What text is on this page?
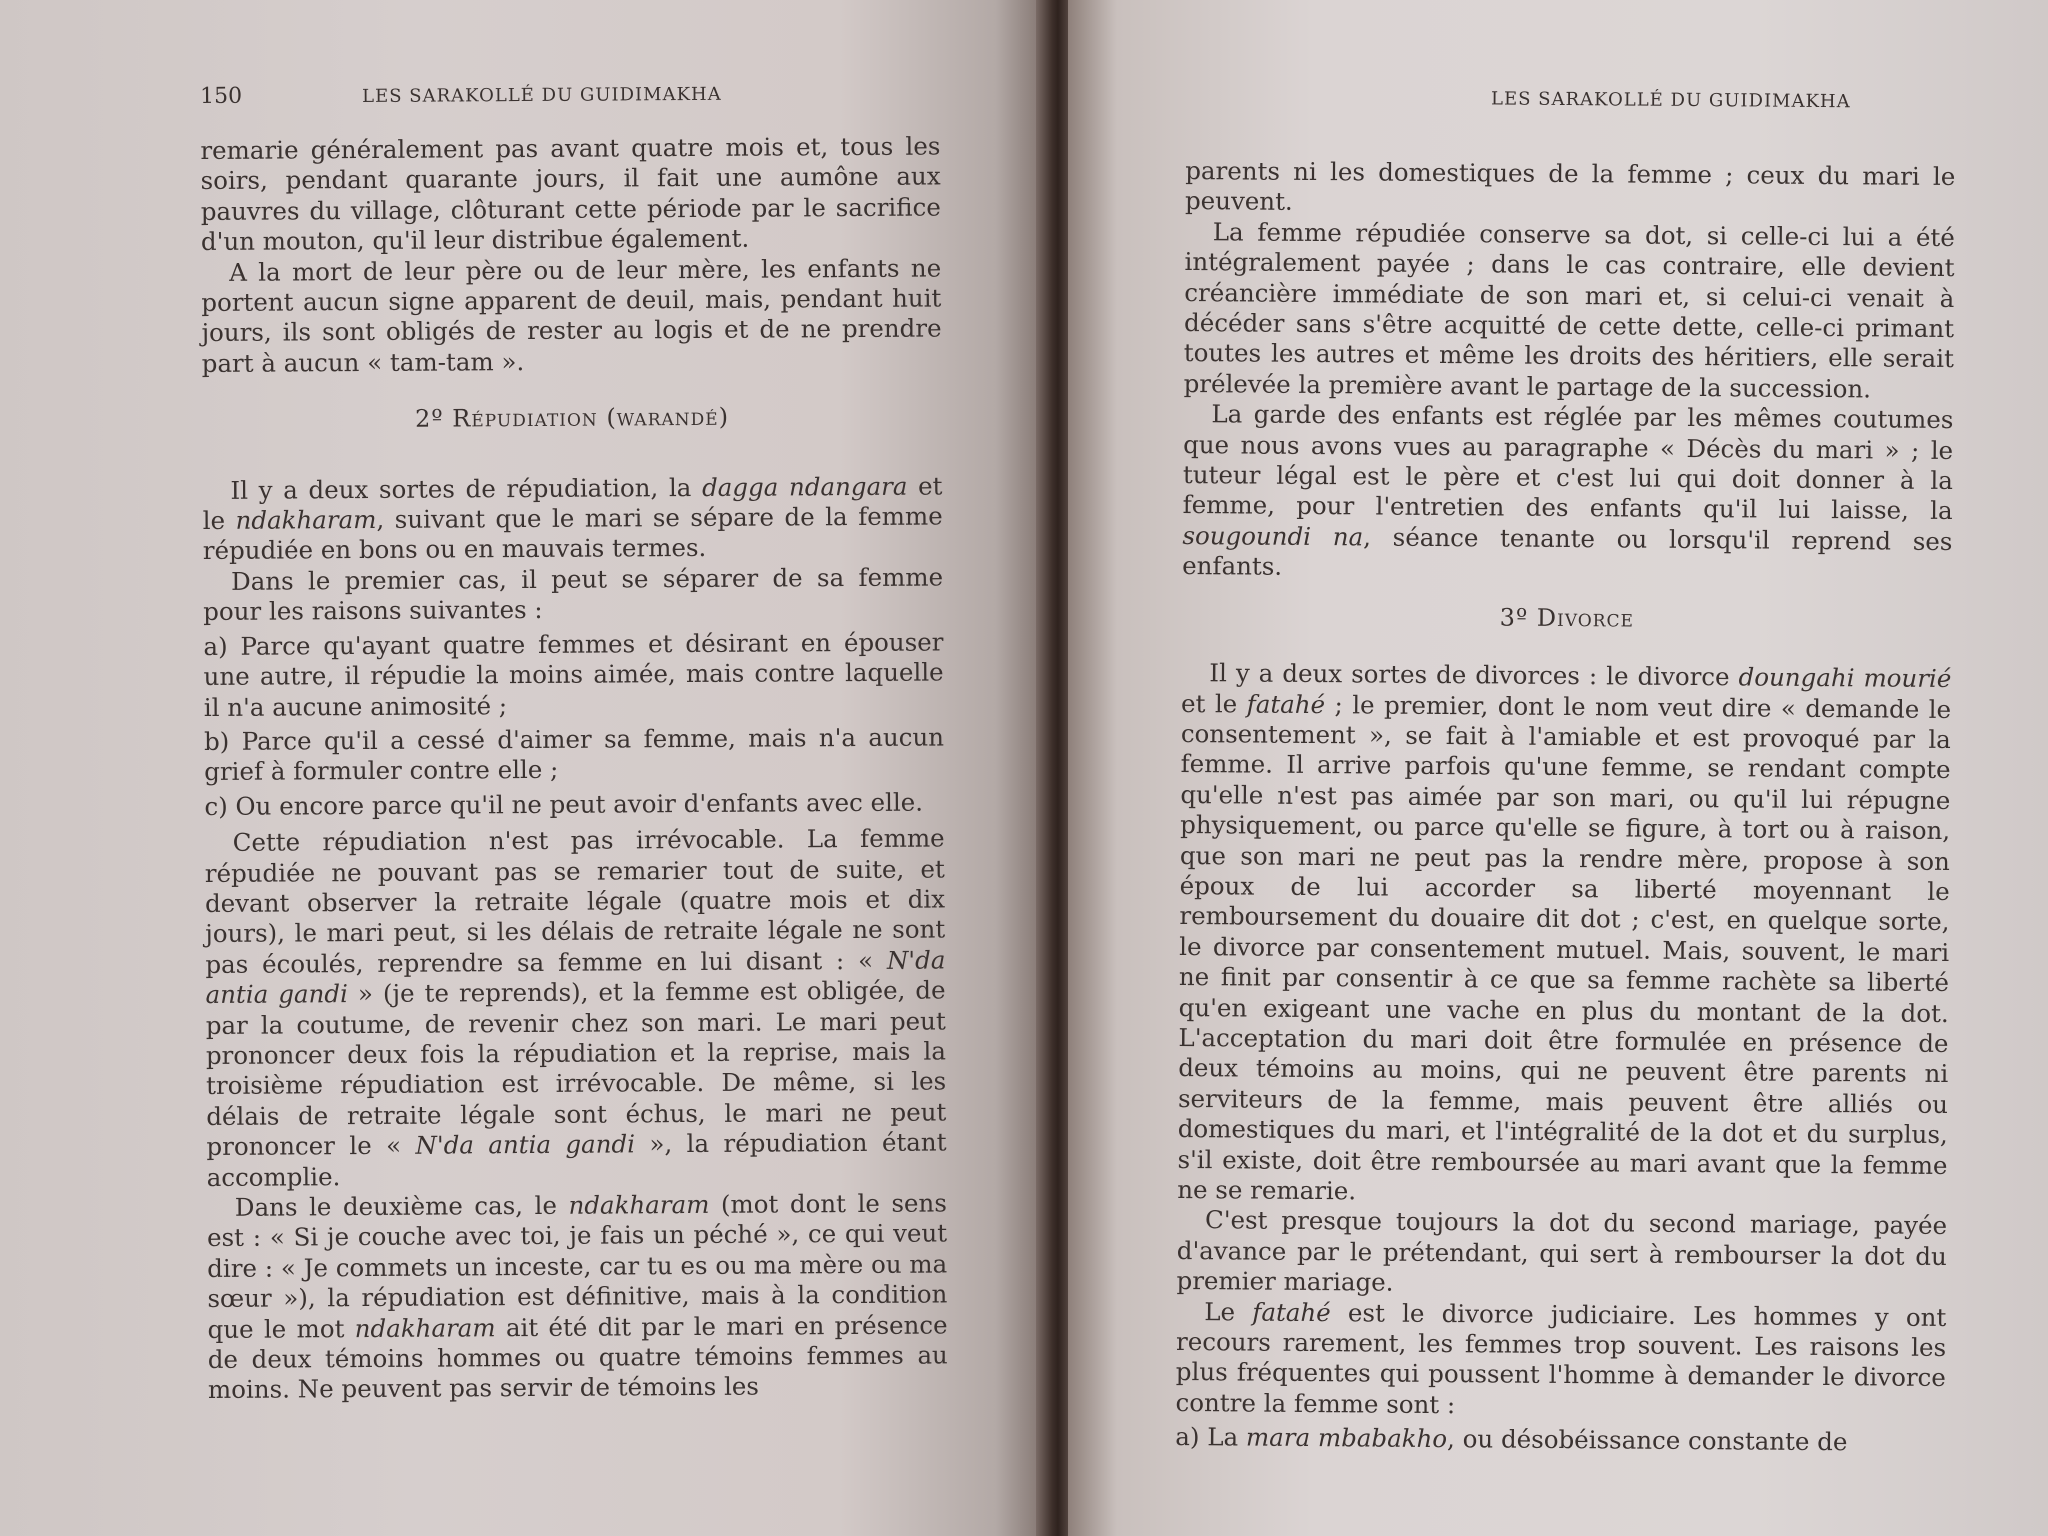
150	LES SARAKOLLÉ DU GUIDIMAKHA

remarie généralement pas avant quatre mois et, tous les soirs, pendant quarante jours, il fait une aumône aux pauvres du village, clôturant cette période par le sacrifice d'un mouton, qu'il leur distribue également.

A la mort de leur père ou de leur mère, les enfants ne portent aucun signe apparent de deuil, mais, pendant huit jours, ils sont obligés de rester au logis et de ne prendre part à aucun « tam-tam ».

2º Répudiation (warandé)

Il y a deux sortes de répudiation, la dagga ndangara et le ndakharam, suivant que le mari se sépare de la femme répudiée en bons ou en mauvais termes.

Dans le premier cas, il peut se séparer de sa femme pour les raisons suivantes :

a) Parce qu'ayant quatre femmes et désirant en épouser une autre, il répudie la moins aimée, mais contre laquelle il n'a aucune animosité ;

b) Parce qu'il a cessé d'aimer sa femme, mais n'a aucun grief à formuler contre elle ;

c) Ou encore parce qu'il ne peut avoir d'enfants avec elle.

Cette répudiation n'est pas irrévocable. La femme répudiée ne pouvant pas se remarier tout de suite, et devant observer la retraite légale (quatre mois et dix jours), le mari peut, si les délais de retraite légale ne sont pas écoulés, reprendre sa femme en lui disant : « N'da antia gandi » (je te reprends), et la femme est obligée, de par la coutume, de revenir chez son mari. Le mari peut prononcer deux fois la répudiation et la reprise, mais la troisième répudiation est irrévocable. De même, si les délais de retraite légale sont échus, le mari ne peut prononcer le « N'da antia gandi », la répudiation étant accomplie.

Dans le deuxième cas, le ndakharam (mot dont le sens est : « Si je couche avec toi, je fais un péché », ce qui veut dire : « Je commets un inceste, car tu es ou ma mère ou ma sœur »), la répudiation est définitive, mais à la condition que le mot ndakharam ait été dit par le mari en présence de deux témoins hommes ou quatre témoins femmes au moins. Ne peuvent pas servir de témoins les

LES SARAKOLLÉ DU GUIDIMAKHA

parents ni les domestiques de la femme ; ceux du mari le peuvent.

La femme répudiée conserve sa dot, si celle-ci lui a été intégralement payée ; dans le cas contraire, elle devient créancière immédiate de son mari et, si celui-ci venait à décéder sans s'être acquitté de cette dette, celle-ci primant toutes les autres et même les droits des héritiers, elle serait prélevée la première avant le partage de la succession.

La garde des enfants est réglée par les mêmes coutumes que nous avons vues au paragraphe « Décès du mari » ; le tuteur légal est le père et c'est lui qui doit donner à la femme, pour l'entretien des enfants qu'il lui laisse, la sougoundi na, séance tenante ou lorsqu'il reprend ses enfants.

3º Divorce

Il y a deux sortes de divorces : le divorce doungahi mourié et le fatahé ; le premier, dont le nom veut dire « demande le consentement », se fait à l'amiable et est provoqué par la femme. Il arrive parfois qu'une femme, se rendant compte qu'elle n'est pas aimée par son mari, ou qu'il lui répugne physiquement, ou parce qu'elle se figure, à tort ou à raison, que son mari ne peut pas la rendre mère, propose à son époux de lui accorder sa liberté moyennant le remboursement du douaire dit dot ; c'est, en quelque sorte, le divorce par consentement mutuel. Mais, souvent, le mari ne finit par consentir à ce que sa femme rachète sa liberté qu'en exigeant une vache en plus du montant de la dot. L'acceptation du mari doit être formulée en présence de deux témoins au moins, qui ne peuvent être parents ni serviteurs de la femme, mais peuvent être alliés ou domestiques du mari, et l'intégralité de la dot et du surplus, s'il existe, doit être remboursée au mari avant que la femme ne se remarie.

C'est presque toujours la dot du second mariage, payée d'avance par le prétendant, qui sert à rembourser la dot du premier mariage.

Le fatahé est le divorce judiciaire. Les hommes y ont recours rarement, les femmes trop souvent. Les raisons les plus fréquentes qui poussent l'homme à demander le divorce contre la femme sont :

a) La mara mbabakho, ou désobéissance constante de
